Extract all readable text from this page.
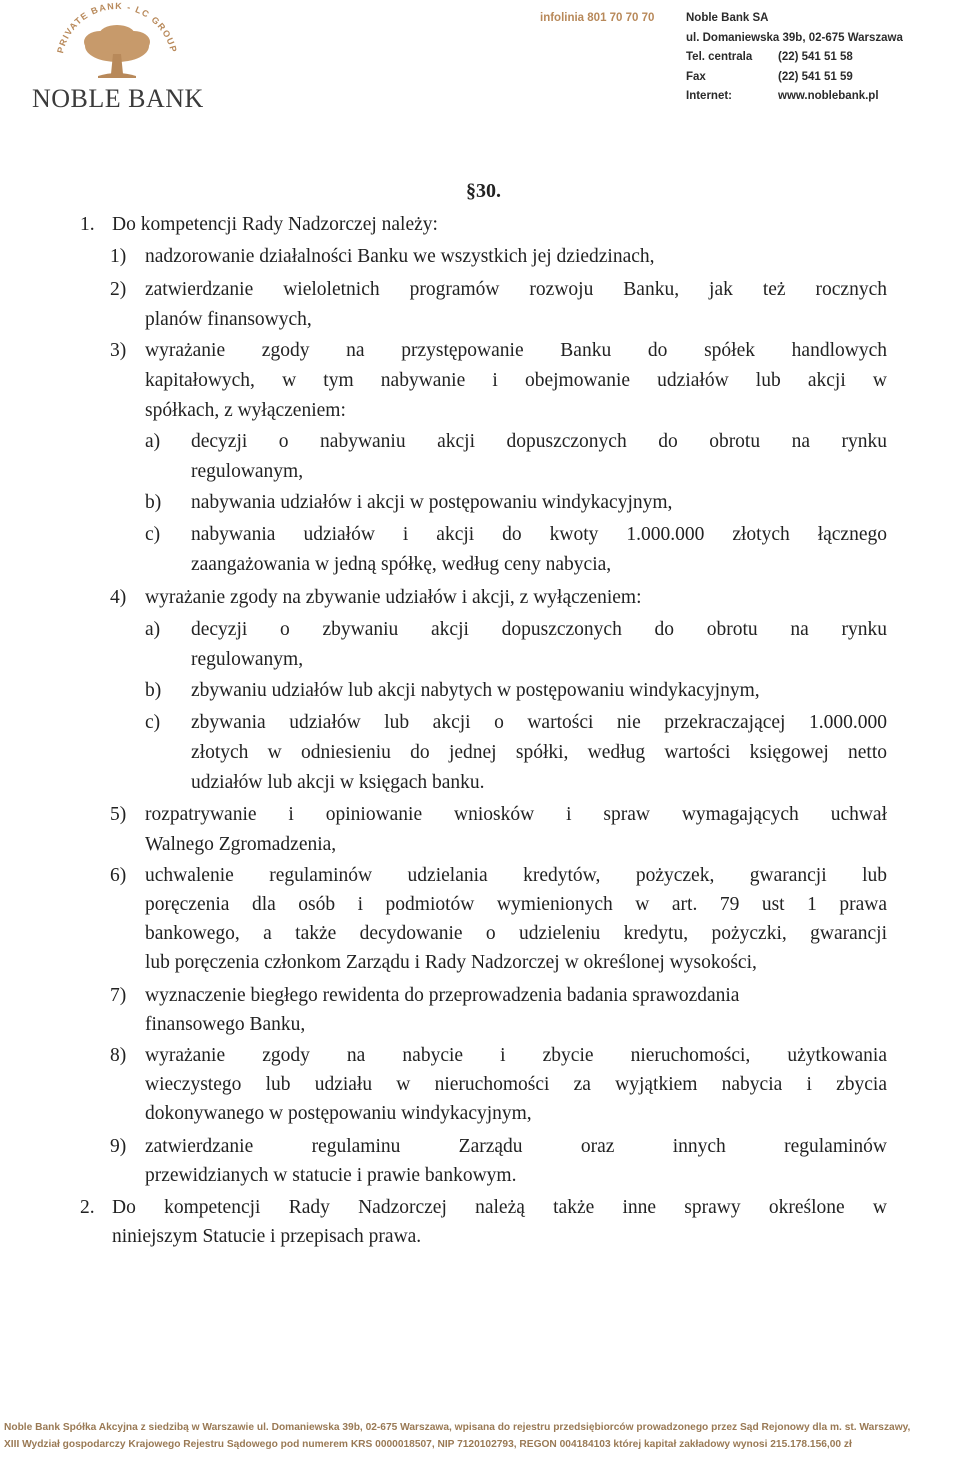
PRIVATE BANK - LC GROUP
NOBLE BANK
infolinia 801 70 70 70	Noble Bank SA
ul. Domaniewska 39b, 02-675 Warszawa
Tel. centrala	(22) 541 51 58
Fax	(22) 541 51 59
Internet:	www.noblebank.pl
§30.
1. Do kompetencji Rady Nadzorczej należy:
1) nadzorowanie działalności Banku we wszystkich jej dziedzinach,
2) zatwierdzanie wieloletnich programów rozwoju Banku, jak też rocznych
planów finansowych,
3) wyrażanie zgody na przystępowanie Banku do spółek handlowych
kapitałowych, w tym nabywanie i obejmowanie udziałów lub akcji w
spółkach, z wyłączeniem:
a) decyzji o nabywaniu akcji dopuszczonych do obrotu na rynku
regulowanym,
b) nabywania udziałów i akcji w postępowaniu windykacyjnym,
c) nabywania udziałów i akcji do kwoty 1.000.000 złotych łącznego
zaangażowania w jedną spółkę, według ceny nabycia,
4) wyrażanie zgody na zbywanie udziałów i akcji, z wyłączeniem:
a) decyzji o zbywaniu akcji dopuszczonych do obrotu na rynku
regulowanym,
b) zbywaniu udziałów lub akcji nabytych w postępowaniu windykacyjnym,
c) zbywania udziałów lub akcji o wartości nie przekraczającej 1.000.000
złotych w odniesieniu do jednej spółki, według wartości księgowej netto
udziałów lub akcji w księgach banku.
5) rozpatrywanie i opiniowanie wniosków i spraw wymagających uchwał
Walnego Zgromadzenia,
6) uchwalenie regulaminów udzielania kredytów, pożyczek, gwarancji lub
poręczenia dla osób i podmiotów wymienionych w art. 79 ust 1 prawa
bankowego, a także decydowanie o udzieleniu kredytu, pożyczki, gwarancji
lub poręczenia członkom Zarządu i Rady Nadzorczej w określonej wysokości,
7) wyznaczenie biegłego rewidenta do przeprowadzenia badania sprawozdania
finansowego Banku,
8) wyrażanie zgody na nabycie i zbycie nieruchomości, użytkowania
wieczystego lub udziału w nieruchomości za wyjątkiem nabycia i zbycia
dokonywanego w postępowaniu windykacyjnym,
9) zatwierdzanie regulaminu Zarządu oraz innych regulaminów
przewidzianych w statucie i prawie bankowym.
2. Do kompetencji Rady Nadzorczej należą także inne sprawy określone w
niniejszym Statucie i przepisach prawa.
Noble Bank Spółka Akcyjna z siedzibą w Warszawie ul. Domaniewska 39b, 02-675 Warszawa, wpisana do rejestru przedsiębiorców prowadzonego przez Sąd Rejonowy dla m. st. Warszawy,
XIII Wydział gospodarczy Krajowego Rejestru Sądowego pod numerem KRS 0000018507, NIP 7120102793, REGON 004184103 której kapitał zakładowy wynosi 215.178.156,00 zł
